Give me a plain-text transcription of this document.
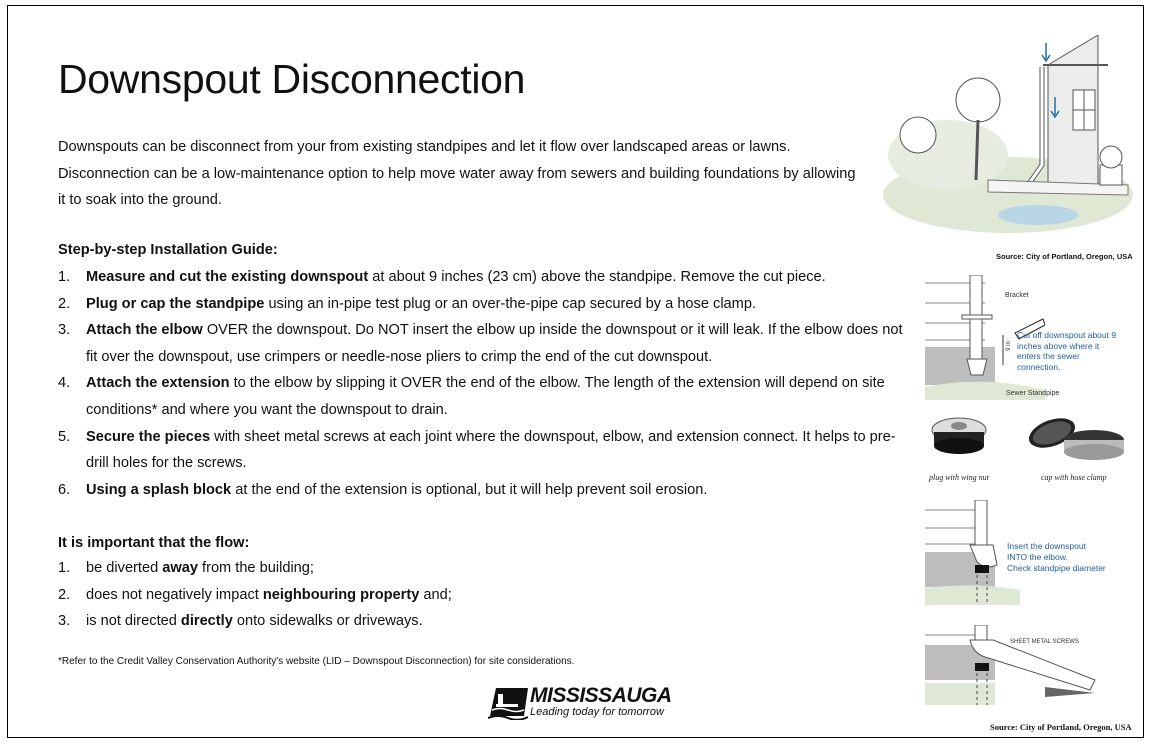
Downspout Disconnection

Downspouts can be disconnect from your from existing standpipes and let it flow over landscaped areas or lawns. Disconnection can be a low-maintenance option to help move water away from sewers and building foundations by allowing it to soak into the ground.

Step-by-step Installation Guide:

1. Measure and cut the existing downspout at about 9 inches (23 cm) above the standpipe. Remove the cut piece.
2. Plug or cap the standpipe using an in-pipe test plug or an over-the-pipe cap secured by a hose clamp.
3. Attach the elbow OVER the downspout. Do NOT insert the elbow up inside the downspout or it will leak. If the elbow does not fit over the downspout, use crimpers or needle-nose pliers to crimp the end of the cut downspout.
4. Attach the extension to the elbow by slipping it OVER the end of the elbow. The length of the extension will depend on site conditions* and where you want the downspout to drain.
5. Secure the pieces with sheet metal screws at each joint where the downspout, elbow, and extension connect. It helps to pre-drill holes for the screws.
6. Using a splash block at the end of the extension is optional, but it will help prevent soil erosion.

It is important that the flow:

1. be diverted away from the building;
2. does not negatively impact neighbouring property and;
3. is not directed directly onto sidewalks or driveways.

*Refer to the Credit Valley Conservation Authority's website (LID – Downspout Disconnection) for site considerations.

MISSISSAUGA
Leading today for tomorrow
Source: City of Portland, Oregon, USA
Bracket
9 in
Cut off downspout about 9 inches above where it enters the sewer connection.
Sewer Standpipe
plug with wing nut	cap with hose clamp
Insert the downspout INTO the elbow.
Check standpipe diameter
SHEET METAL SCREWS
Source: City of Portland, Oregon, USA
